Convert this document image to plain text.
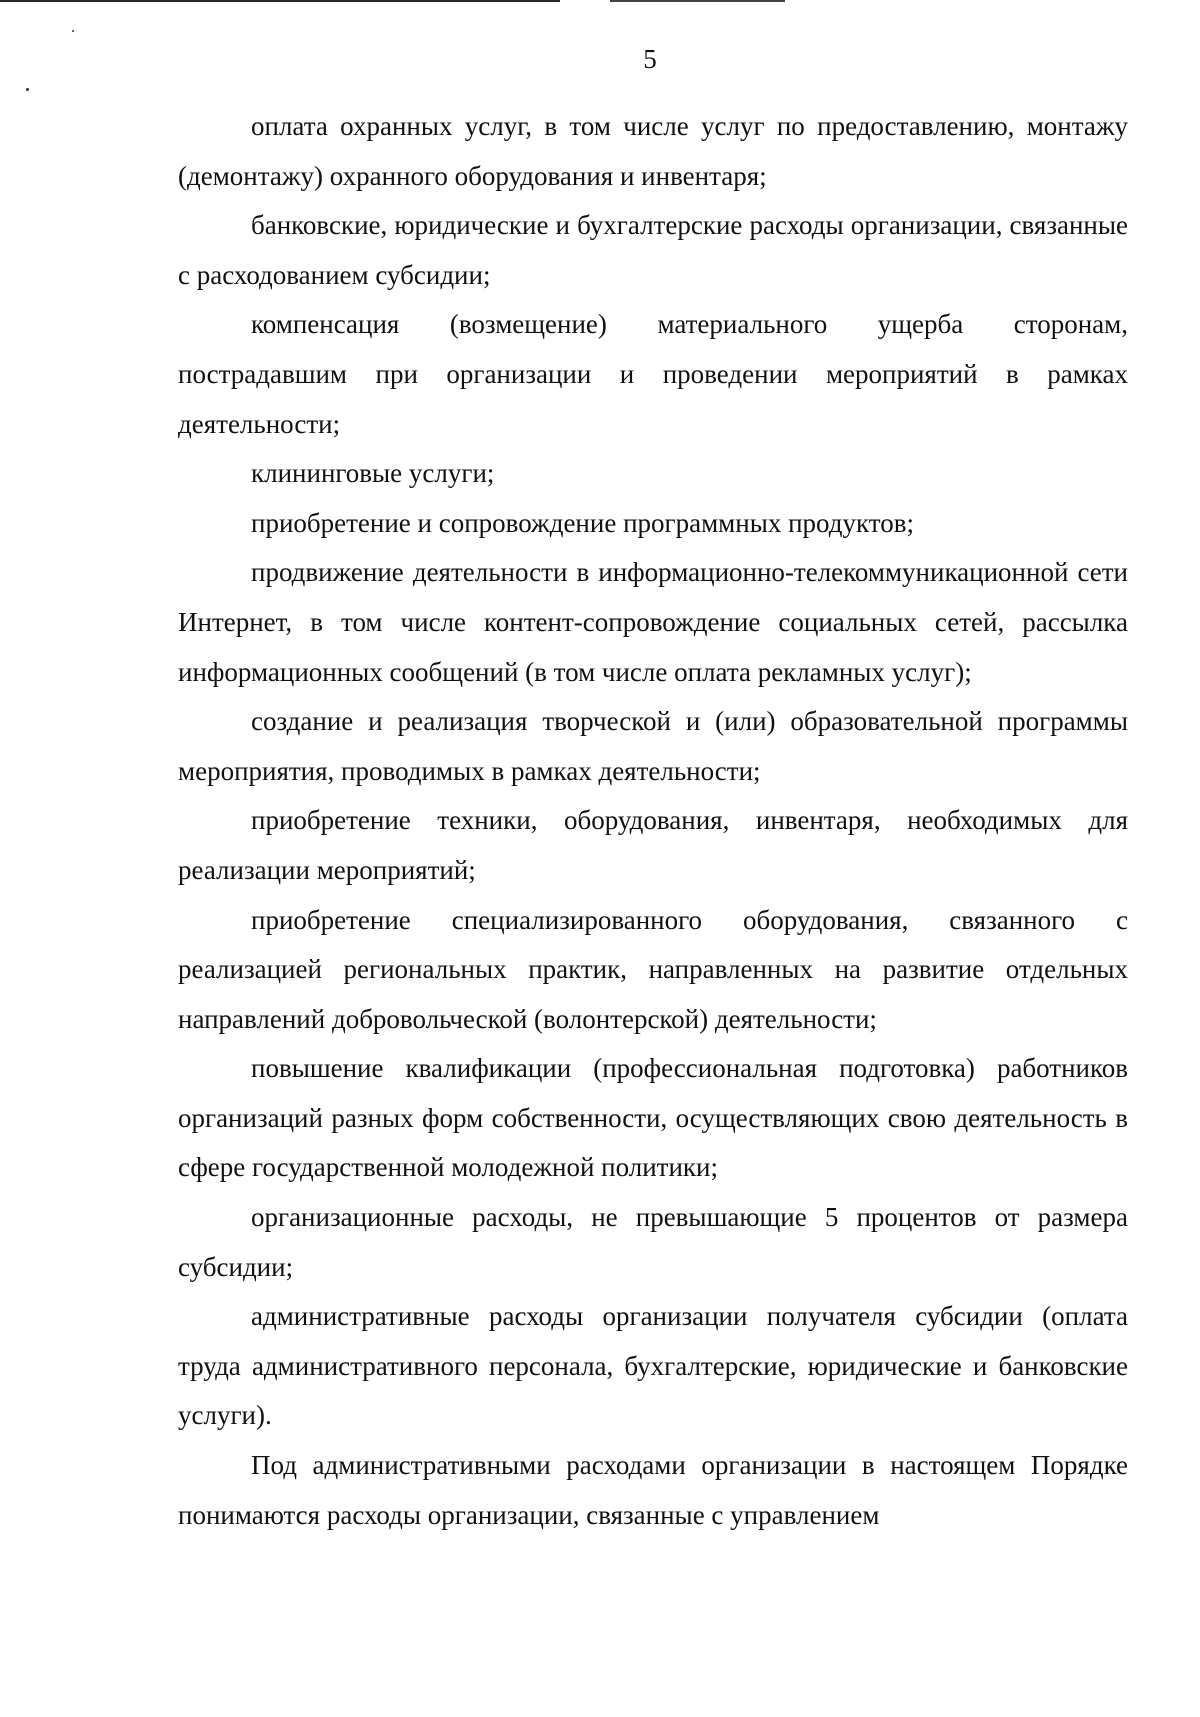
5

оплата охранных услуг, в том числе услуг по предоставлению, монтажу (демонтажу) охранного оборудования и инвентаря;

банковские, юридические и бухгалтерские расходы организации, связанные с расходованием субсидии;

компенсация (возмещение) материального ущерба сторонам, пострадавшим при организации и проведении мероприятий в рамках деятельности;

клининговые услуги;

приобретение и сопровождение программных продуктов;

продвижение деятельности в информационно-телекоммуникационной сети Интернет, в том числе контент-сопровождение социальных сетей, рассылка информационных сообщений (в том числе оплата рекламных услуг);

создание и реализация творческой и (или) образовательной программы мероприятия, проводимых в рамках деятельности;

приобретение техники, оборудования, инвентаря, необходимых для реализации мероприятий;

приобретение специализированного оборудования, связанного с реализацией региональных практик, направленных на развитие отдельных направлений добровольческой (волонтерской) деятельности;

повышение квалификации (профессиональная подготовка) работников организаций разных форм собственности, осуществляющих свою деятельность в сфере государственной молодежной политики;

организационные расходы, не превышающие 5 процентов от размера субсидии;

административные расходы организации получателя субсидии (оплата труда административного персонала, бухгалтерские, юридические и банковские услуги).

Под административными расходами организации в настоящем Порядке понимаются расходы организации, связанные с управлением
